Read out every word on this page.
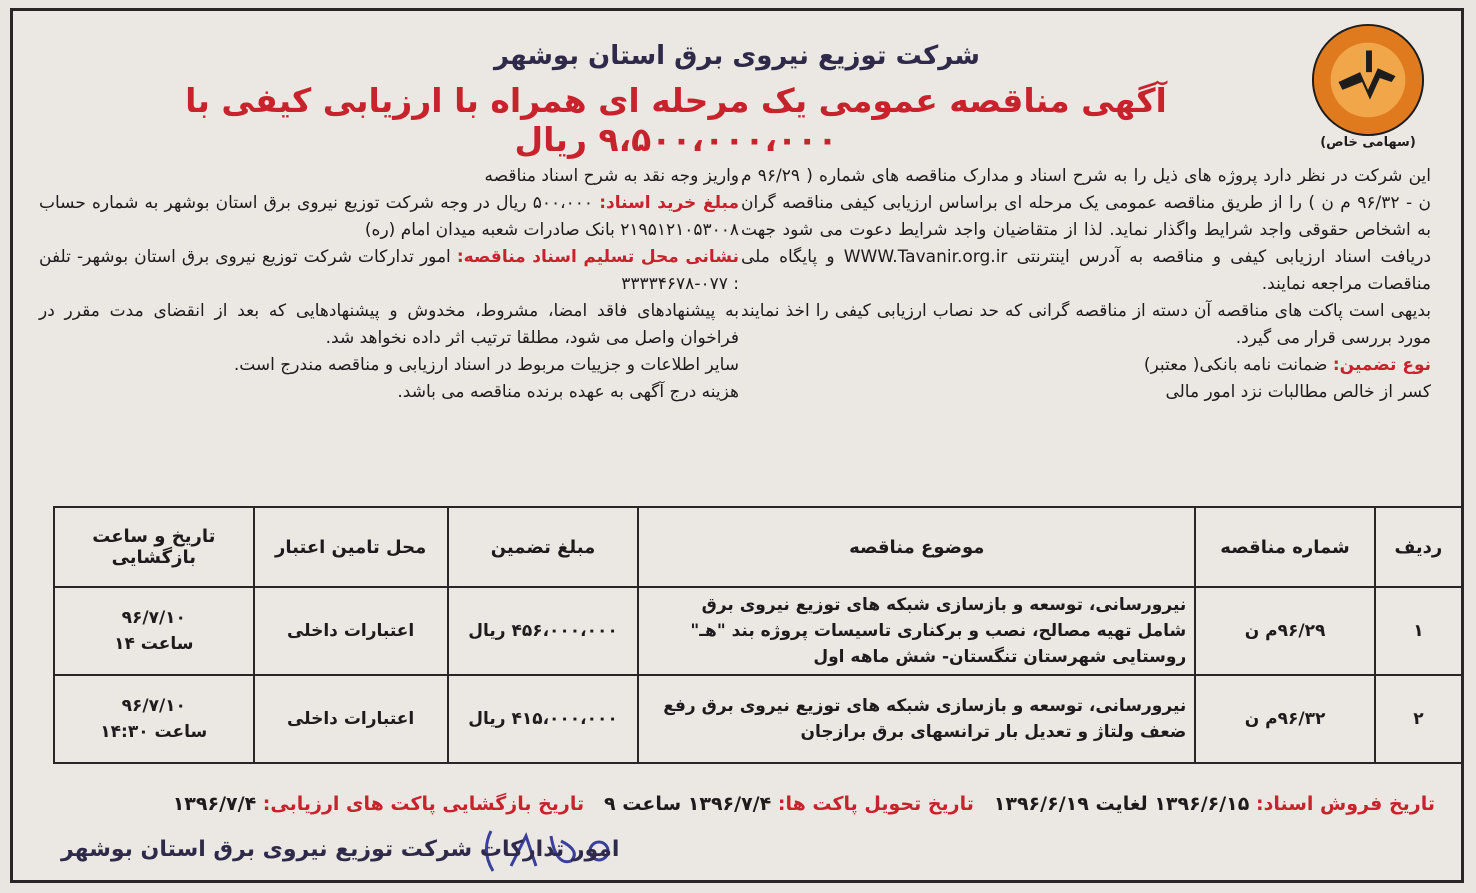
(سهامی خاص)
شرکت توزیع نیروی برق استان بوشهر
آگهی مناقصه عمومی یک مرحله ای همراه با ارزیابی کیفی با ۹،۵۰۰،۰۰۰،۰۰۰ ریال

این شرکت در نظر دارد پروژه های ذیل را به شرح اسناد و مدارک مناقصه های شماره ( ۹۶/۲۹ م ن - ۹۶/۳۲ م ن ) را از طریق مناقصه عمومی یک مرحله ای براساس ارزیابی کیفی مناقصه گران به اشخاص حقوقی واجد شرایط واگذار نماید. لذا از متقاضیان واجد شرایط دعوت می شود جهت دریافت اسناد ارزیابی کیفی و مناقصه به آدرس اینترنتی WWW.Tavanir.org.ir و پایگاه ملی مناقصات مراجعه نمایند.

بدیهی است پاکت های مناقصه آن دسته از مناقصه گرانی که حد نصاب ارزیابی کیفی را اخذ نمایند مورد بررسی قرار می گیرد.

نوع تضمین: ضمانت نامه بانکی( معتبر)

کسر از خالص مطالبات نزد امور مالی

واریز وجه نقد به شرح اسناد مناقصه

مبلغ خرید اسناد: ۵۰۰،۰۰۰ ریال در وجه شرکت توزیع نیروی برق استان بوشهر به شماره حساب ۲۱۹۵۱۲۱۰۵۳۰۰۸ بانک صادرات شعبه میدان امام (ره)

نشانی محل تسلیم اسناد مناقصه: امور تدارکات شرکت توزیع نیروی برق استان بوشهر- تلفن : ۰۷۷-۳۳۳۳۴۶۷۸

به پیشنهادهای فاقد امضا، مشروط، مخدوش و پیشنهادهایی که بعد از انقضای مدت مقرر در فراخوان واصل می شود، مطلقا ترتیب اثر داده نخواهد شد.

سایر اطلاعات و جزییات مربوط در اسناد ارزیابی و مناقصه مندرج است.

هزینه درج آگهی به عهده برنده مناقصه می باشد.

ردیف	شماره مناقصه	موضوع مناقصه	مبلغ تضمین	محل تامین اعتبار	تاریخ و ساعت بازگشایی
۱	۹۶/۲۹م ن	نیرورسانی، توسعه و بازسازی شبکه های توزیع نیروی برق شامل تهیه مصالح، نصب و برکناری تاسیسات پروژه بند "هـ" روستایی شهرستان تنگستان- شش ماهه اول	۴۵۶،۰۰۰،۰۰۰ ریال	اعتبارات داخلی	۹۶/۷/۱۰
ساعت ۱۴

۲	۹۶/۳۲م ن	نیرورسانی، توسعه و بازسازی شبکه های توزیع نیروی برق رفع ضعف ولتاژ و تعدیل بار ترانسهای برق برازجان	۴۱۵،۰۰۰،۰۰۰ ریال	اعتبارات داخلی	۹۶/۷/۱۰
ساعت ۱۴:۳۰
تاریخ فروش اسناد: ۱۳۹۶/۶/۱۵ لغایت ۱۳۹۶/۶/۱۹   تاریخ تحویل پاکت ها: ۱۳۹۶/۷/۴ ساعت ۹   تاریخ بازگشایی پاکت های ارزیابی: ۱۳۹۶/۷/۴
امور تدارکات شرکت توزیع نیروی برق استان بوشهر
